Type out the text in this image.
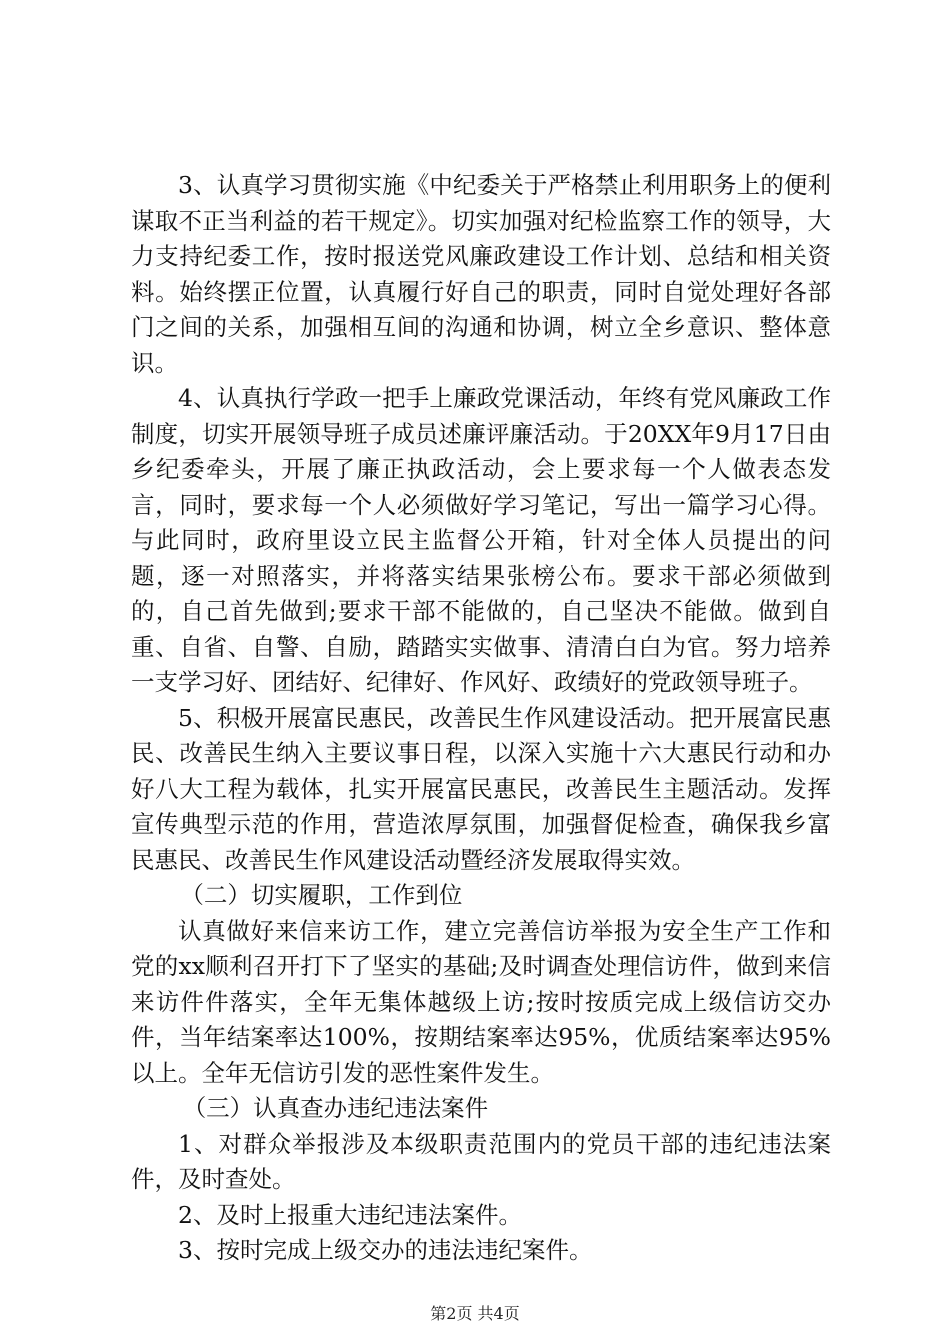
3、认真学习贯彻实施《中纪委关于严格禁止利用职务上的便利谋取不正当利益的若干规定》。切实加强对纪检监察工作的领导，大力支持纪委工作，按时报送党风廉政建设工作计划、总结和相关资料。始终摆正位置，认真履行好自己的职责，同时自觉处理好各部门之间的关系，加强相互间的沟通和协调，树立全乡意识、整体意识。

4、认真执行学政一把手上廉政党课活动，年终有党风廉政工作制度，切实开展领导班子成员述廉评廉活动。于20XX年9月17日由乡纪委牵头，开展了廉正执政活动，会上要求每一个人做表态发言，同时，要求每一个人必须做好学习笔记，写出一篇学习心得。与此同时，政府里设立民主监督公开箱，针对全体人员提出的问题，逐一对照落实，并将落实结果张榜公布。要求干部必须做到的，自己首先做到;要求干部不能做的，自己坚决不能做。做到自重、自省、自警、自励，踏踏实实做事、清清白白为官。努力培养一支学习好、团结好、纪律好、作风好、政绩好的党政领导班子。

5、积极开展富民惠民，改善民生作风建设活动。把开展富民惠民、改善民生纳入主要议事日程，以深入实施十六大惠民行动和办好八大工程为载体，扎实开展富民惠民，改善民生主题活动。发挥宣传典型示范的作用，营造浓厚氛围，加强督促检查，确保我乡富民惠民、改善民生作风建设活动暨经济发展取得实效。

（二）切实履职，工作到位

认真做好来信来访工作，建立完善信访举报为安全生产工作和党的xx顺利召开打下了坚实的基础;及时调查处理信访件，做到来信来访件件落实，全年无集体越级上访;按时按质完成上级信访交办件，当年结案率达100%，按期结案率达95%，优质结案率达95%以上。全年无信访引发的恶性案件发生。

（三）认真查办违纪违法案件

1、对群众举报涉及本级职责范围内的党员干部的违纪违法案件，及时查处。

2、及时上报重大违纪违法案件。

3、按时完成上级交办的违法违纪案件。

第2页 共4页
